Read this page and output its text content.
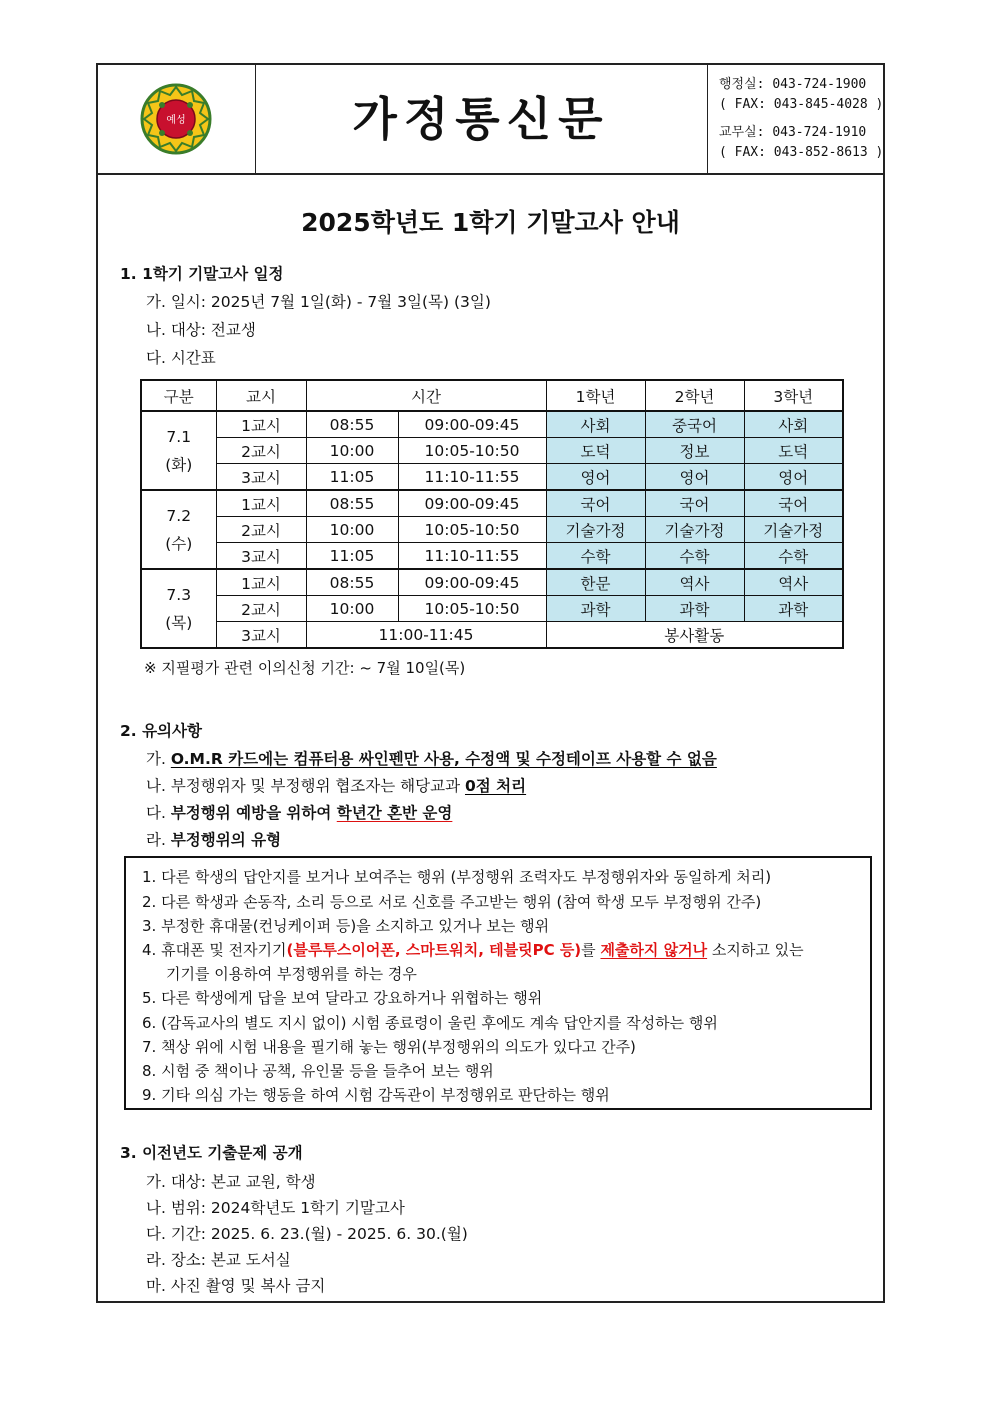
예성	가정통신문
행정실: 043-724-1900
( FAX: 043-845-4028 )
교무실: 043-724-1910
( FAX: 043-852-8613 )
2025학년도 1학기 기말고사 안내
1. 1학기 기말고사 일정
가. 일시: 2025년 7월 1일(화) - 7월 3일(목) (3일)
나. 대상: 전교생
다. 시간표
구분	교시	시간		1학년	2학년	3학년

7.1
(화)	1교시	08:55	09:00-09:45	사회	중국어	사회
	2교시	10:00	10:05-10:50	도덕	정보	도덕
	3교시	11:05	11:10-11:55	영어	영어	영어

7.2
(수)	1교시	08:55	09:00-09:45	국어	국어	국어
	2교시	10:00	10:05-10:50	기술가정	기술가정	기술가정
	3교시	11:05	11:10-11:55	수학	수학	수학

7.3
(목)	1교시	08:55	09:00-09:45	한문	역사	역사
	2교시	10:00	10:05-10:50	과학	과학	과학
	3교시	11:00-11:45		봉사활동		
※ 지필평가 관련 이의신청 기간: ~ 7월 10일(목)
2. 유의사항
가. O.M.R 카드에는 컴퓨터용 싸인펜만 사용, 수정액 및 수정테이프 사용할 수 없음
나. 부정행위자 및 부정행위 협조자는 해당교과 0점 처리
다. 부정행위 예방을 위하여 학년간 혼반 운영
라. 부정행위의 유형
1. 다른 학생의 답안지를 보거나 보여주는 행위 (부정행위 조력자도 부정행위자와 동일하게 처리)
2. 다른 학생과 손동작, 소리 등으로 서로 신호를 주고받는 행위 (참여 학생 모두 부정행위 간주)
3. 부정한 휴대물(컨닝케이퍼 등)을 소지하고 있거나 보는 행위
4. 휴대폰 및 전자기기(블루투스이어폰, 스마트워치, 테블릿PC 등)를 제출하지 않거나 소지하고 있는
기기를 이용하여 부정행위를 하는 경우
5. 다른 학생에게 답을 보여 달라고 강요하거나 위협하는 행위
6. (감독교사의 별도 지시 없이) 시험 종료령이 울린 후에도 계속 답안지를 작성하는 행위
7. 책상 위에 시험 내용을 필기해 놓는 행위(부정행위의 의도가 있다고 간주)
8. 시험 중 책이나 공책, 유인물 등을 들추어 보는 행위
9. 기타 의심 가는 행동을 하여 시험 감독관이 부정행위로 판단하는 행위
3. 이전년도 기출문제 공개
가. 대상: 본교 교원, 학생
나. 범위: 2024학년도 1학기 기말고사
다. 기간: 2025. 6. 23.(월) - 2025. 6. 30.(월)
라. 장소: 본교 도서실
마. 사진 촬영 및 복사 금지
